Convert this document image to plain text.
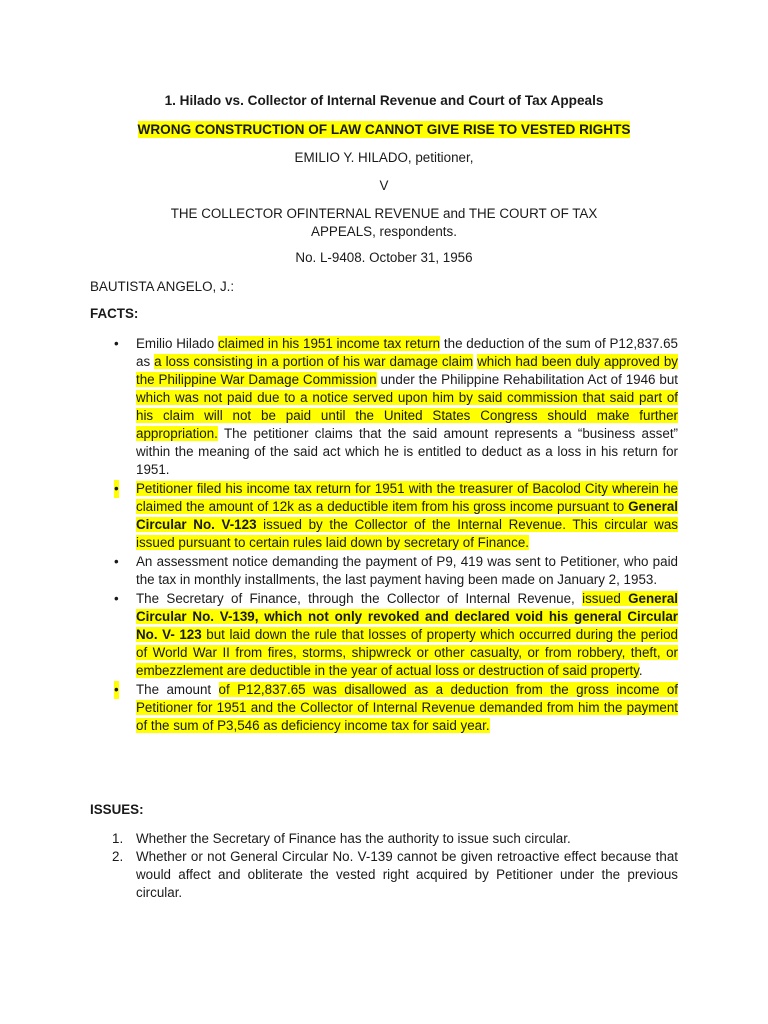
1. Hilado vs. Collector of Internal Revenue and Court of Tax Appeals
WRONG CONSTRUCTION OF LAW CANNOT GIVE RISE TO VESTED RIGHTS
EMILIO Y. HILADO, petitioner,
V
THE COLLECTOR OFINTERNAL REVENUE and THE COURT OF TAX APPEALS, respondents.
No. L-9408. October 31, 1956
BAUTISTA ANGELO, J.:
FACTS:
• Emilio Hilado claimed in his 1951 income tax return the deduction of the sum of P12,837.65 as a loss consisting in a portion of his war damage claim which had been duly approved by the Philippine War Damage Commission under the Philippine Rehabilitation Act of 1946 but which was not paid due to a notice served upon him by said commission that said part of his claim will not be paid until the United States Congress should make further appropriation. The petitioner claims that the said amount represents a “business asset” within the meaning of the said act which he is entitled to deduct as a loss in his return for 1951.
• Petitioner filed his income tax return for 1951 with the treasurer of Bacolod City wherein he claimed the amount of 12k as a deductible item from his gross income pursuant to General Circular No. V-123 issued by the Collector of the Internal Revenue. This circular was issued pursuant to certain rules laid down by secretary of Finance.
• An assessment notice demanding the payment of P9, 419 was sent to Petitioner, who paid the tax in monthly installments, the last payment having been made on January 2, 1953.
• The Secretary of Finance, through the Collector of Internal Revenue, issued General Circular No. V-139, which not only revoked and declared void his general Circular No. V- 123 but laid down the rule that losses of property which occurred during the period of World War II from fires, storms, shipwreck or other casualty, or from robbery, theft, or embezzlement are deductible in the year of actual loss or destruction of said property.
• The amount of P12,837.65 was disallowed as a deduction from the gross income of Petitioner for 1951 and the Collector of Internal Revenue demanded from him the payment of the sum of P3,546 as deficiency income tax for said year.
ISSUES:
1. Whether the Secretary of Finance has the authority to issue such circular.
2. Whether or not General Circular No. V-139 cannot be given retroactive effect because that would affect and obliterate the vested right acquired by Petitioner under the previous circular.
